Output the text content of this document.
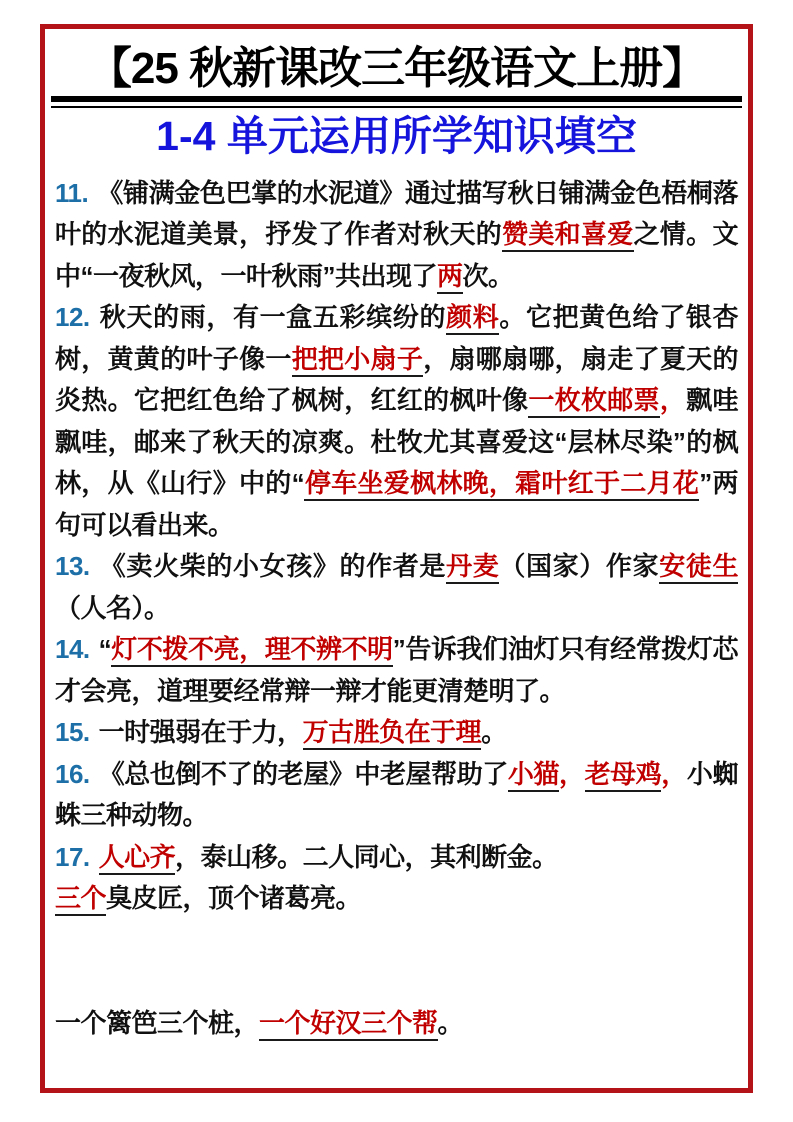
【25 秋新课改三年级语文上册】
1-4 单元运用所学知识填空

11. 《铺满金色巴掌的水泥道》通过描写秋日铺满金色梧桐落叶的水泥道美景，抒发了作者对秋天的赞美和喜爱之情。文中“一夜秋风，一叶秋雨”共出现了两次。

12. 秋天的雨，有一盒五彩缤纷的颜料。它把黄色给了银杏树，黄黄的叶子像一把把小扇子，扇哪扇哪，扇走了夏天的炎热。它把红色给了枫树，红红的枫叶像一枚枚邮票，飘哇飘哇，邮来了秋天的凉爽。杜牧尤其喜爱这“层林尽染”的枫林，从《山行》中的“停车坐爱枫林晚，霜叶红于二月花”两句可以看出来。

13. 《卖火柴的小女孩》的作者是丹麦（国家）作家安徒生（人名）。

14. “灯不拨不亮，理不辨不明”告诉我们油灯只有经常拨灯芯才会亮，道理要经常辩一辩才能更清楚明了。

15. 一时强弱在于力，万古胜负在于理。

16. 《总也倒不了的老屋》中老屋帮助了小猫，老母鸡，小蜘蛛三种动物。

17. 人心齐，泰山移。二人同心，其利断金。

三个臭皮匠，顶个诸葛亮。

一个篱笆三个桩，一个好汉三个帮。
